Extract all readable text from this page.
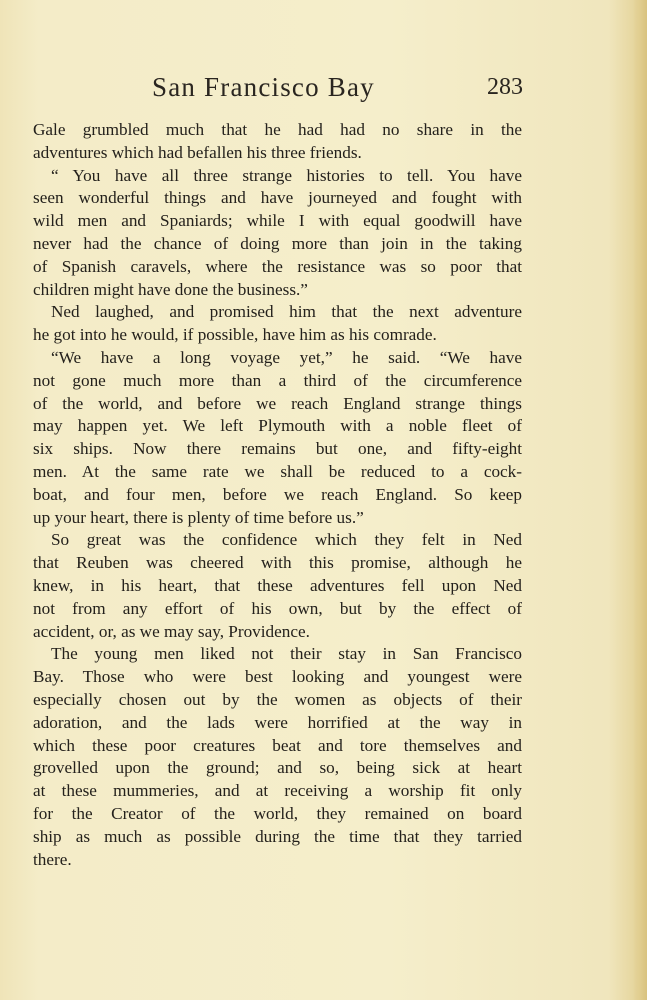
San Francisco Bay	283

Gale grumbled much that he had had no share in the
adventures which had befallen his three friends.

“ You have all three strange histories to tell. You have
seen wonderful things and have journeyed and fought with
wild men and Spaniards; while I with equal goodwill have
never had the chance of doing more than join in the taking
of Spanish caravels, where the resistance was so poor that
children might have done the business.”

Ned laughed, and promised him that the next adventure
he got into he would, if possible, have him as his comrade.

“We have a long voyage yet,” he said. “We have
not gone much more than a third of the circumference
of the world, and before we reach England strange things
may happen yet. We left Plymouth with a noble fleet of
six ships. Now there remains but one, and fifty-eight
men. At the same rate we shall be reduced to a cock-
boat, and four men, before we reach England. So keep
up your heart, there is plenty of time before us.”

So great was the confidence which they felt in Ned
that Reuben was cheered with this promise, although he
knew, in his heart, that these adventures fell upon Ned
not from any effort of his own, but by the effect of
accident, or, as we may say, Providence.

The young men liked not their stay in San Francisco
Bay. Those who were best looking and youngest were
especially chosen out by the women as objects of their
adoration, and the lads were horrified at the way in
which these poor creatures beat and tore themselves and
grovelled upon the ground; and so, being sick at heart
at these mummeries, and at receiving a worship fit only
for the Creator of the world, they remained on board
ship as much as possible during the time that they tarried
there.
